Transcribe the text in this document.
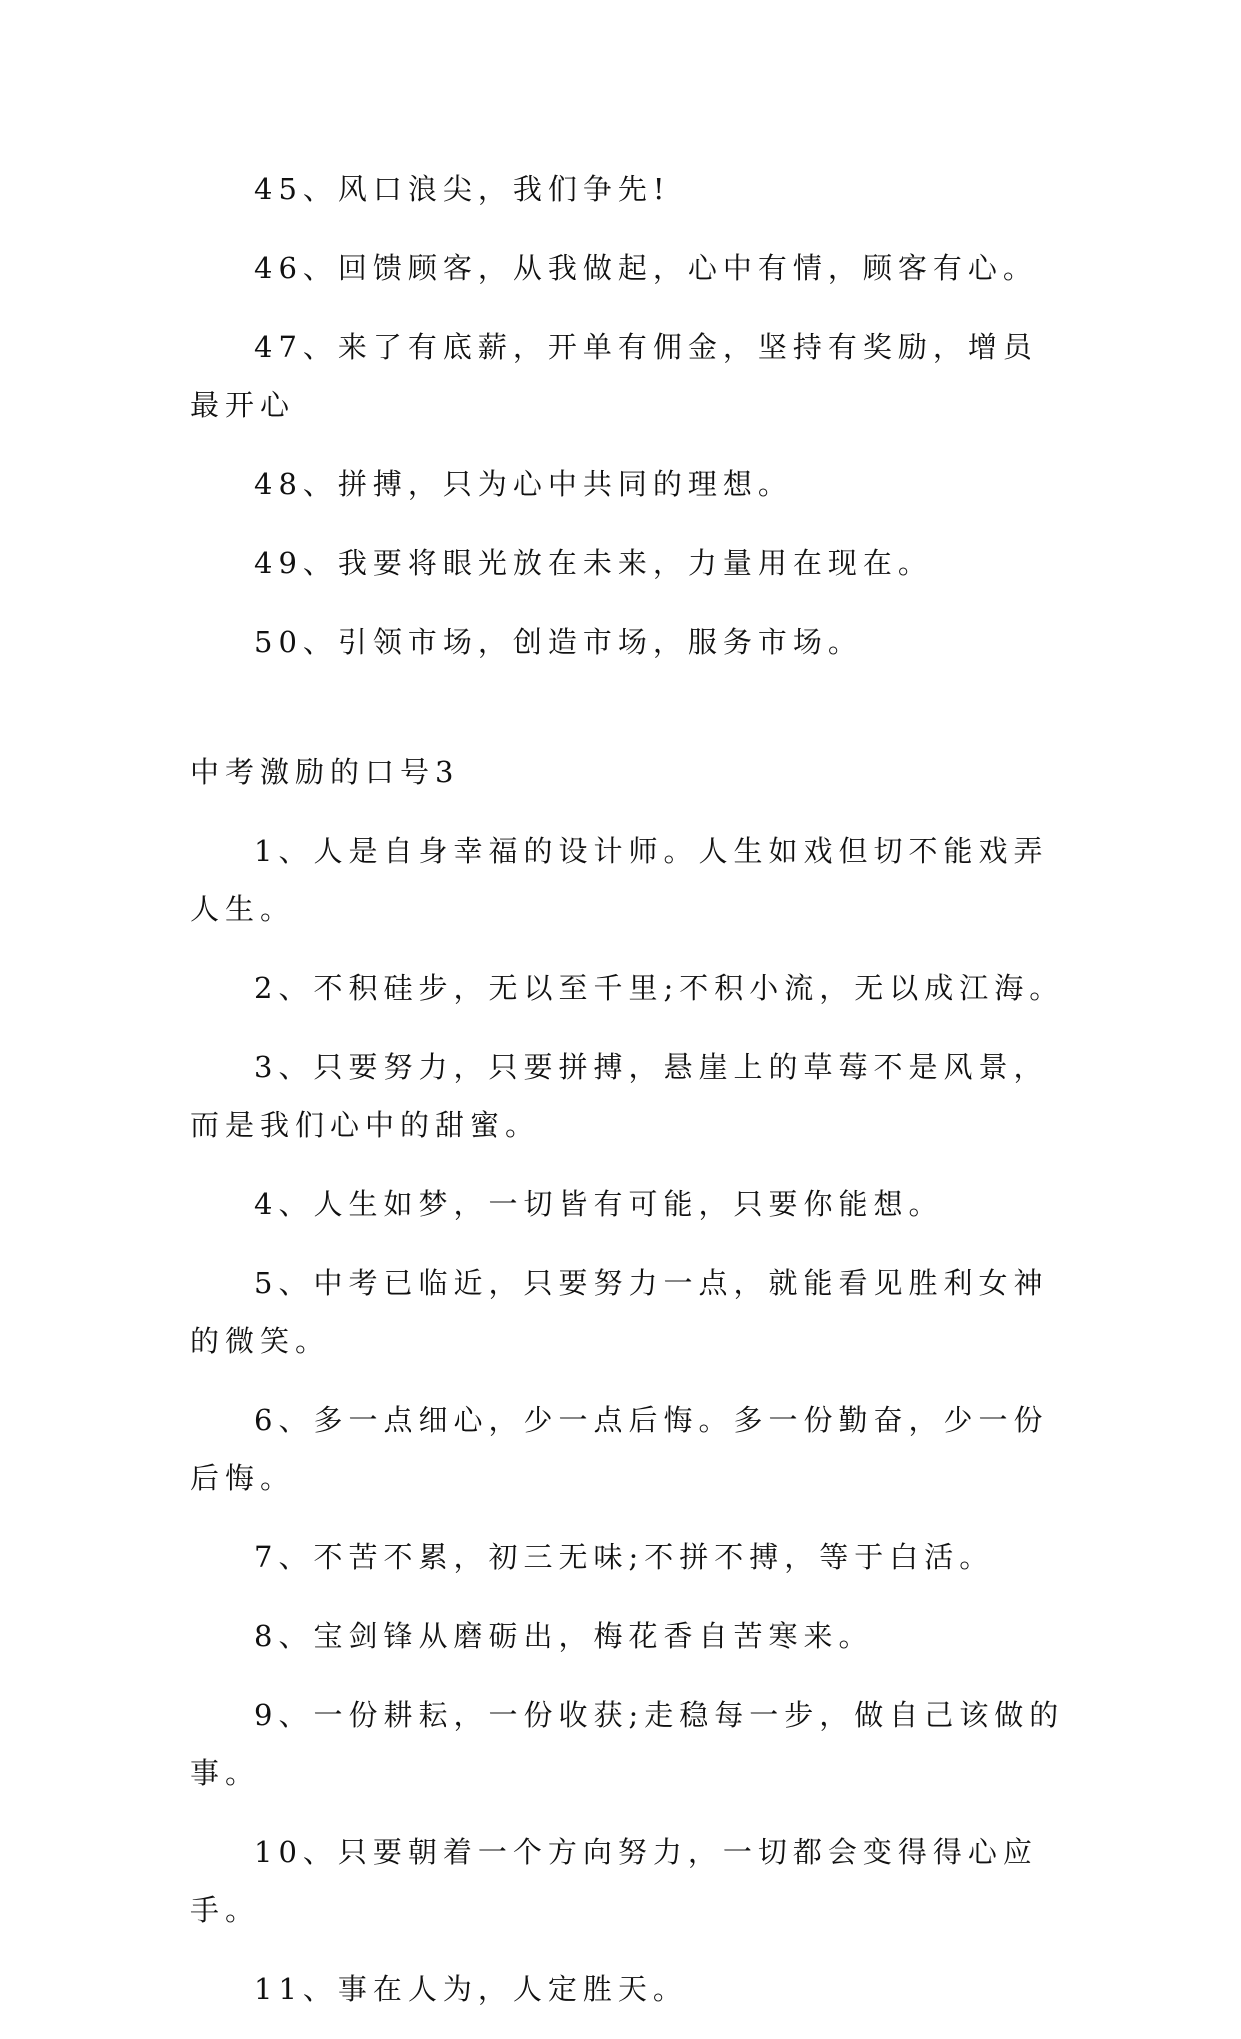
45、风口浪尖，我们争先!

46、回馈顾客，从我做起，心中有情，顾客有心。

47、来了有底薪，开单有佣金，坚持有奖励，增员最开心

48、拼搏，只为心中共同的理想。

49、我要将眼光放在未来，力量用在现在。

50、引领市场，创造市场，服务市场。

中考激励的口号3

1、人是自身幸福的设计师。人生如戏但切不能戏弄人生。

2、不积硅步，无以至千里;不积小流，无以成江海。

3、只要努力，只要拼搏，悬崖上的草莓不是风景，而是我们心中的甜蜜。

4、人生如梦，一切皆有可能，只要你能想。

5、中考已临近，只要努力一点，就能看见胜利女神的微笑。

6、多一点细心，少一点后悔。多一份勤奋，少一份后悔。

7、不苦不累，初三无味;不拼不搏，等于白活。

8、宝剑锋从磨砺出，梅花香自苦寒来。

9、一份耕耘，一份收获;走稳每一步，做自己该做的事。

10、只要朝着一个方向努力，一切都会变得得心应手。

11、事在人为，人定胜天。
